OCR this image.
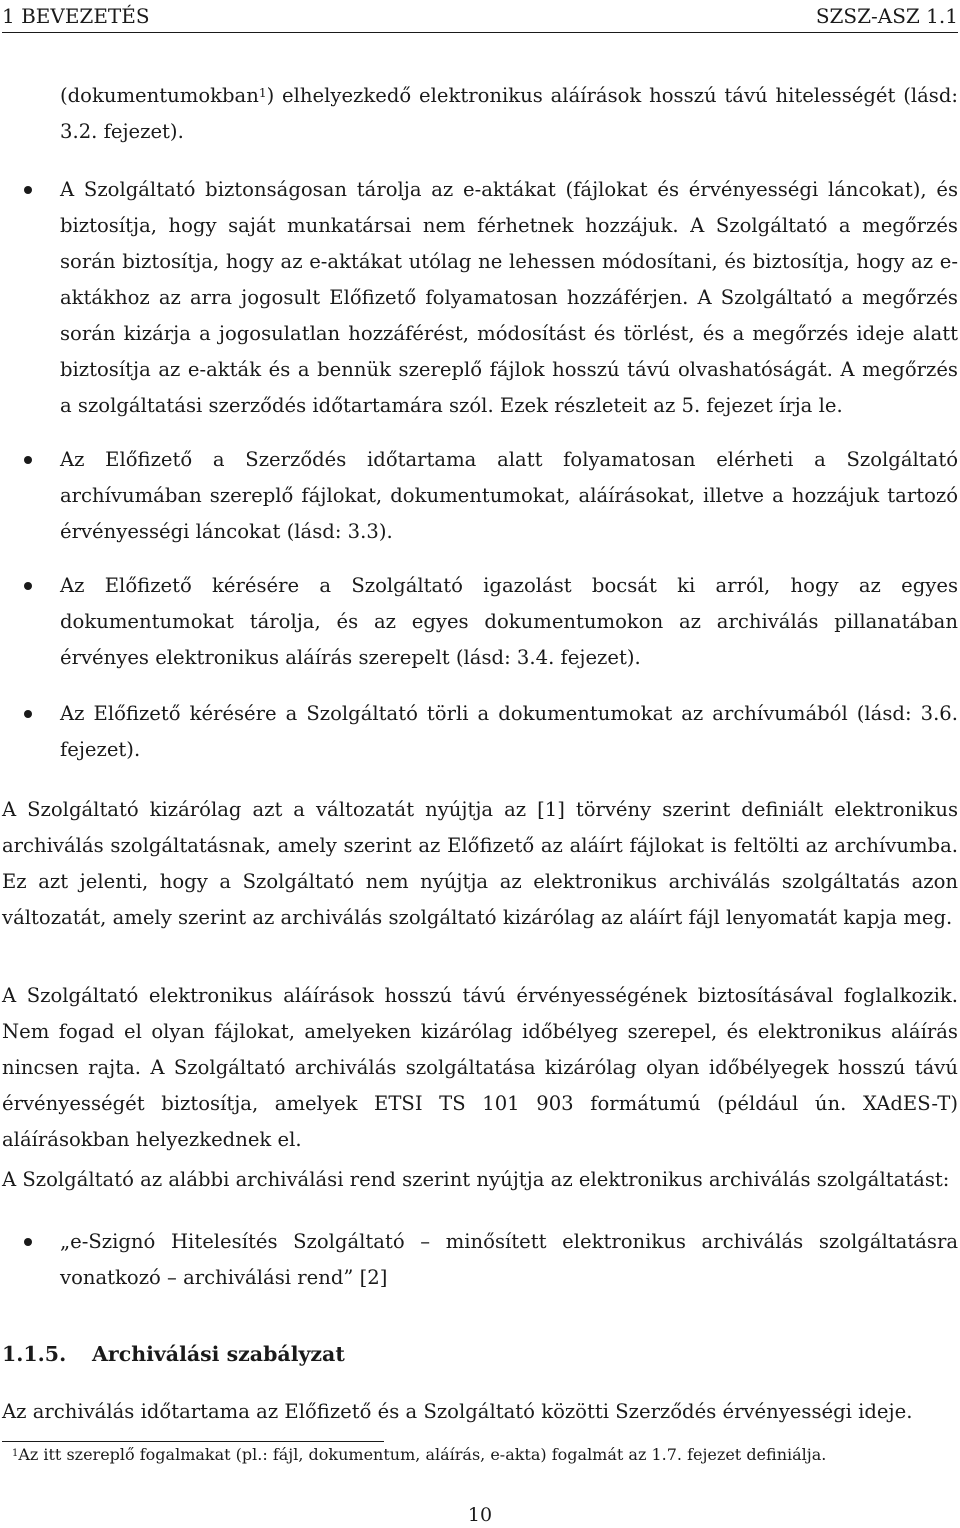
1 BEVEZETÉS	SZSZ-ASZ 1.1

(dokumentumokban$^1$) elhelyezkedő elektronikus aláírások hosszú távú hitelességét (lásd: 3.2. fejezet).

A Szolgáltató biztonságosan tárolja az e-aktákat (fájlokat és érvényességi láncokat), és biztosítja, hogy saját munkatársai nem férhetnek hozzájuk. A Szolgáltató a megőrzés során biztosítja, hogy az e-aktákat utólag ne lehessen módosítani, és biztosítja, hogy az e-aktákhoz az arra jogosult Előfizető folyamatosan hozzáférjen. A Szolgáltató a megőrzés során kizárja a jogosulatlan hozzáférést, módosítást és törlést, és a megőrzés ideje alatt biztosítja az e-akták és a bennük szereplő fájlok hosszú távú olvashatóságát. A megőrzés a szolgáltatási szerződés időtartamára szól. Ezek részleteit az 5. fejezet írja le.

Az Előfizető a Szerződés időtartama alatt folyamatosan elérheti a Szolgáltató archívumában szereplő fájlokat, dokumentumokat, aláírásokat, illetve a hozzájuk tartozó érvényességi láncokat (lásd: 3.3).

Az Előfizető kérésére a Szolgáltató igazolást bocsát ki arról, hogy az egyes dokumentumokat tárolja, és az egyes dokumentumokon az archiválás pillanatában érvényes elektronikus aláírás szerepelt (lásd: 3.4. fejezet).

Az Előfizető kérésére a Szolgáltató törli a dokumentumokat az archívumából (lásd: 3.6. fejezet).

A Szolgáltató kizárólag azt a változatát nyújtja az [1] törvény szerint definiált elektronikus archiválás szolgáltatásnak, amely szerint az Előfizető az aláírt fájlokat is feltölti az archívumba. Ez azt jelenti, hogy a Szolgáltató nem nyújtja az elektronikus archiválás szolgáltatás azon változatát, amely szerint az archiválás szolgáltató kizárólag az aláírt fájl lenyomatát kapja meg.

A Szolgáltató elektronikus aláírások hosszú távú érvényességének biztosításával foglalkozik. Nem fogad el olyan fájlokat, amelyeken kizárólag időbélyeg szerepel, és elektronikus aláírás nincsen rajta. A Szolgáltató archiválás szolgáltatása kizárólag olyan időbélyegek hosszú távú érvényességét biztosítja, amelyek ETSI TS 101 903 formátumú (például ún. XAdES-T) aláírásokban helyezkednek el.

A Szolgáltató az alábbi archiválási rend szerint nyújtja az elektronikus archiválás szolgáltatást:

„e-Szignó Hitelesítés Szolgáltató – minősített elektronikus archiválás szolgáltatásra vonatkozó – archiválási rend” [2]

1.1.5. Archiválási szabályzat

Az archiválás időtartama az Előfizető és a Szolgáltató közötti Szerződés érvényességi ideje.

$^1$Az itt szereplő fogalmakat (pl.: fájl, dokumentum, aláírás, e-akta) fogalmát az 1.7. fejezet definiálja.
10
